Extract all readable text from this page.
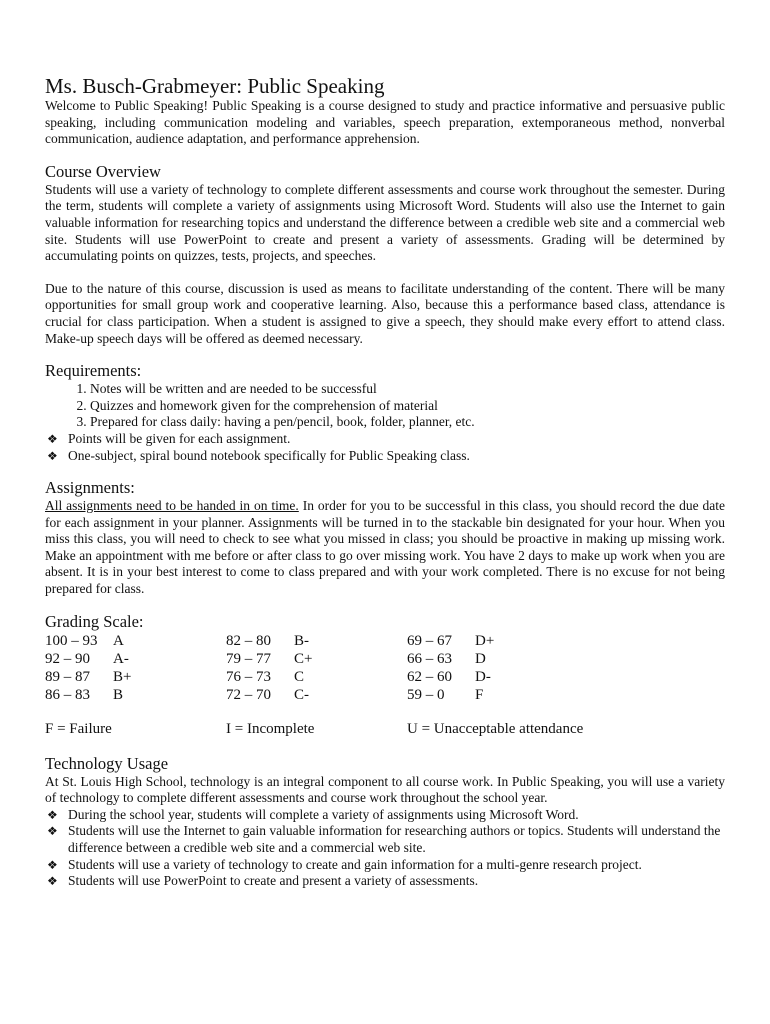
Ms. Busch-Grabmeyer: Public Speaking

Welcome to Public Speaking! Public Speaking is a course designed to study and practice informative and persuasive public speaking, including communication modeling and variables, speech preparation, extemporaneous method, nonverbal communication, audience adaptation, and performance apprehension.

Course Overview

Students will use a variety of technology to complete different assessments and course work throughout the semester. During the term, students will complete a variety of assignments using Microsoft Word. Students will also use the Internet to gain valuable information for researching topics and understand the difference between a credible web site and a commercial web site. Students will use PowerPoint to create and present a variety of assessments. Grading will be determined by accumulating points on quizzes, tests, projects, and speeches.

Due to the nature of this course, discussion is used as means to facilitate understanding of the content. There will be many opportunities for small group work and cooperative learning. Also, because this a performance based class, attendance is crucial for class participation. When a student is assigned to give a speech, they should make every effort to attend class. Make-up speech days will be offered as deemed necessary.

Requirements:
1. Notes will be written and are needed to be successful
2. Quizzes and homework given for the comprehension of material
3. Prepared for class daily: having a pen/pencil, book, folder, planner, etc.
❖ Points will be given for each assignment.
❖ One-subject, spiral bound notebook specifically for Public Speaking class.
Assignments:

All assignments need to be handed in on time. In order for you to be successful in this class, you should record the due date for each assignment in your planner. Assignments will be turned in to the stackable bin designated for your hour. When you miss this class, you will need to check to see what you missed in class; you should be proactive in making up missing work. Make an appointment with me before or after class to go over missing work. You have 2 days to make up work when you are absent. It is in your best interest to come to class prepared and with your work completed. There is no excuse for not being prepared for class.

Grading Scale:
100 – 93	A	82 – 80	B-	69 – 67	D+
92 – 90	A-	79 – 77	C+	66 – 63	D
89 – 87	B+	76 – 73	C	62 – 60	D-
86 – 83	B	72 – 70	C-	59 – 0	F
F = Failure	I = Incomplete	U = Unacceptable attendance
Technology Usage

At St. Louis High School, technology is an integral component to all course work. In Public Speaking, you will use a variety of technology to complete different assessments and course work throughout the school year.

❖ During the school year, students will complete a variety of assignments using Microsoft Word.
❖ Students will use the Internet to gain valuable information for researching authors or topics. Students will understand the difference between a credible web site and a commercial web site.
❖ Students will use a variety of technology to create and gain information for a multi-genre research project.
❖ Students will use PowerPoint to create and present a variety of assessments.
